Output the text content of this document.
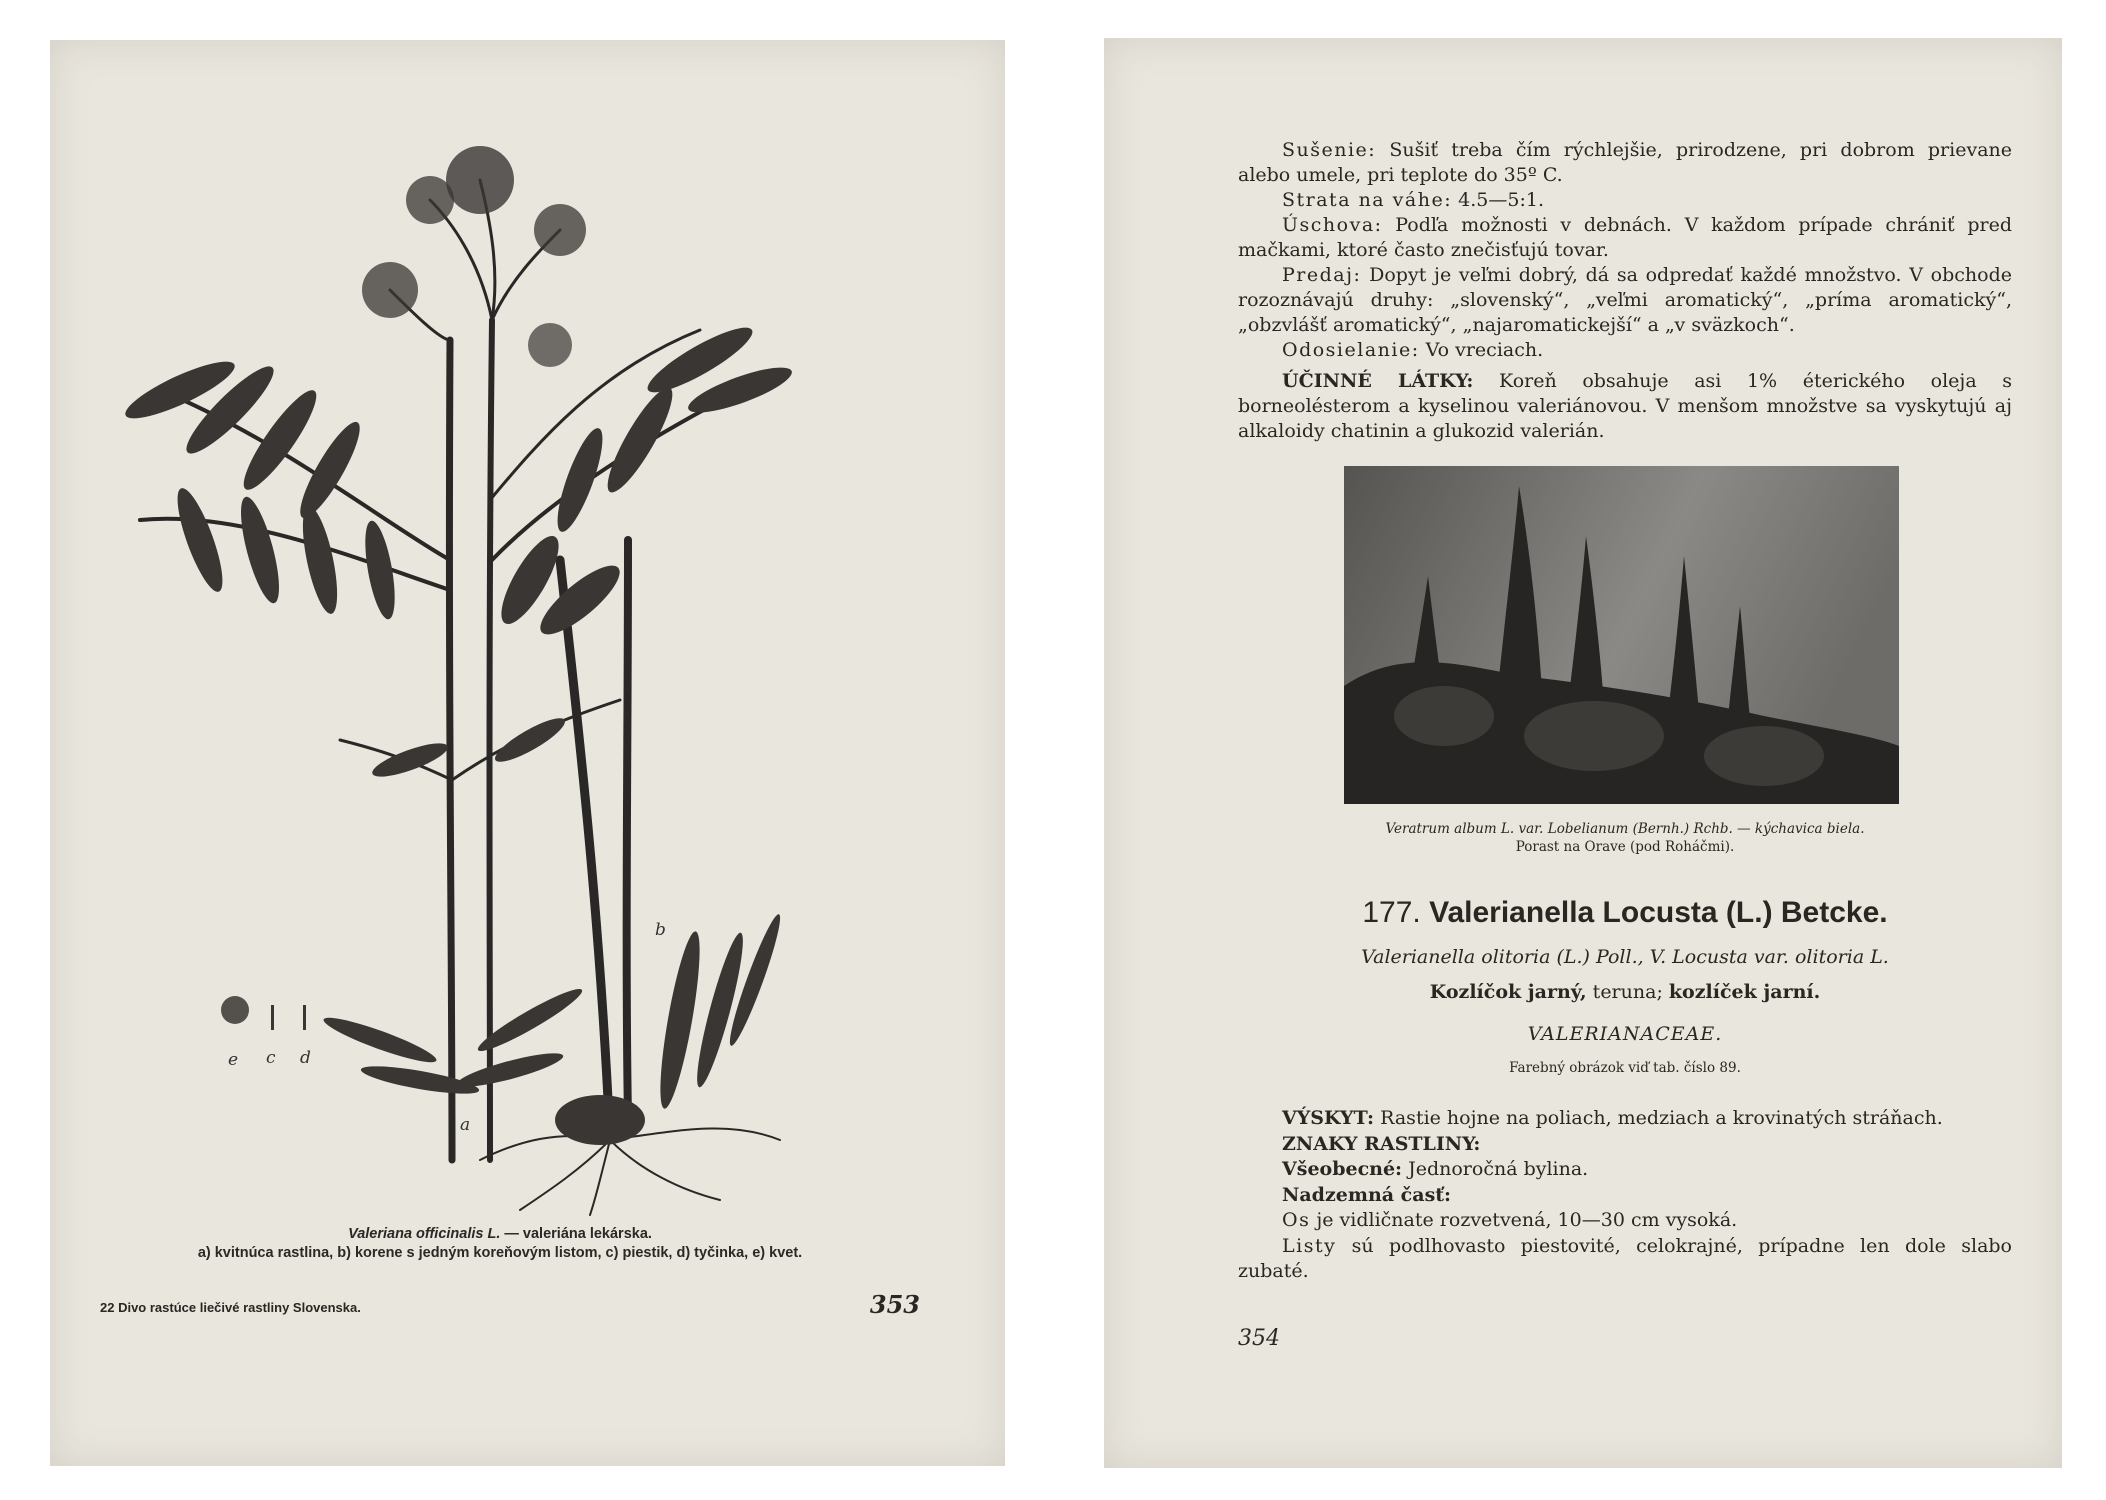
e c d
a
b
Valeriana officinalis L. — valeriána lekárska.
a) kvitnúca rastlina, b) korene s jedným koreňovým listom, c) piestik, d) tyčinka, e) kvet.
22 Divo rastúce liečivé rastliny Slovenska.	353

Sušenie: Sušiť treba čím rýchlejšie, prirodzene, pri dobrom prievane alebo umele, pri teplote do 35º C.

Strata na váhe: 4.5—5:1.

Úschova: Podľa možnosti v debnách. V každom prípade chrániť pred mačkami, ktoré často znečisťujú tovar.

Predaj: Dopyt je veľmi dobrý, dá sa odpredať každé množstvo. V obchode rozoznávajú druhy: „slovenský“, „veľmi aromatický“, „príma aromatický“, „obzvlášť aromatický“, „najaromatickejší“ a „v sväzkoch“.

Odosielanie: Vo vreciach.

ÚČINNÉ LÁTKY: Koreň obsahuje asi 1% éterického oleja s borneolésterom a kyselinou valeriánovou. V menšom množstve sa vyskytujú aj alkaloidy chatinin a glukozid valerián.

Veratrum album L. var. Lobelianum (Bernh.) Rchb. — kýchavica biela.
Porast na Orave (pod Roháčmi).
177. Valerianella Locusta (L.) Betcke.
Valerianella olitoria (L.) Poll., V. Locusta var. olitoria L.
Kozlíčok jarný, teruna; kozlíček jarní.
VALERIANACEAE.
Farebný obrázok viď tab. číslo 89.

VÝSKYT: Rastie hojne na poliach, medziach a krovinatých stráňach.

ZNAKY RASTLINY:

Všeobecné: Jednoročná bylina.

Nadzemná časť:

Os je vidličnate rozvetvená, 10—30 cm vysoká.

Listy sú podlhovasto piestovité, celokrajné, prípadne len dole slabo zubaté.

354
